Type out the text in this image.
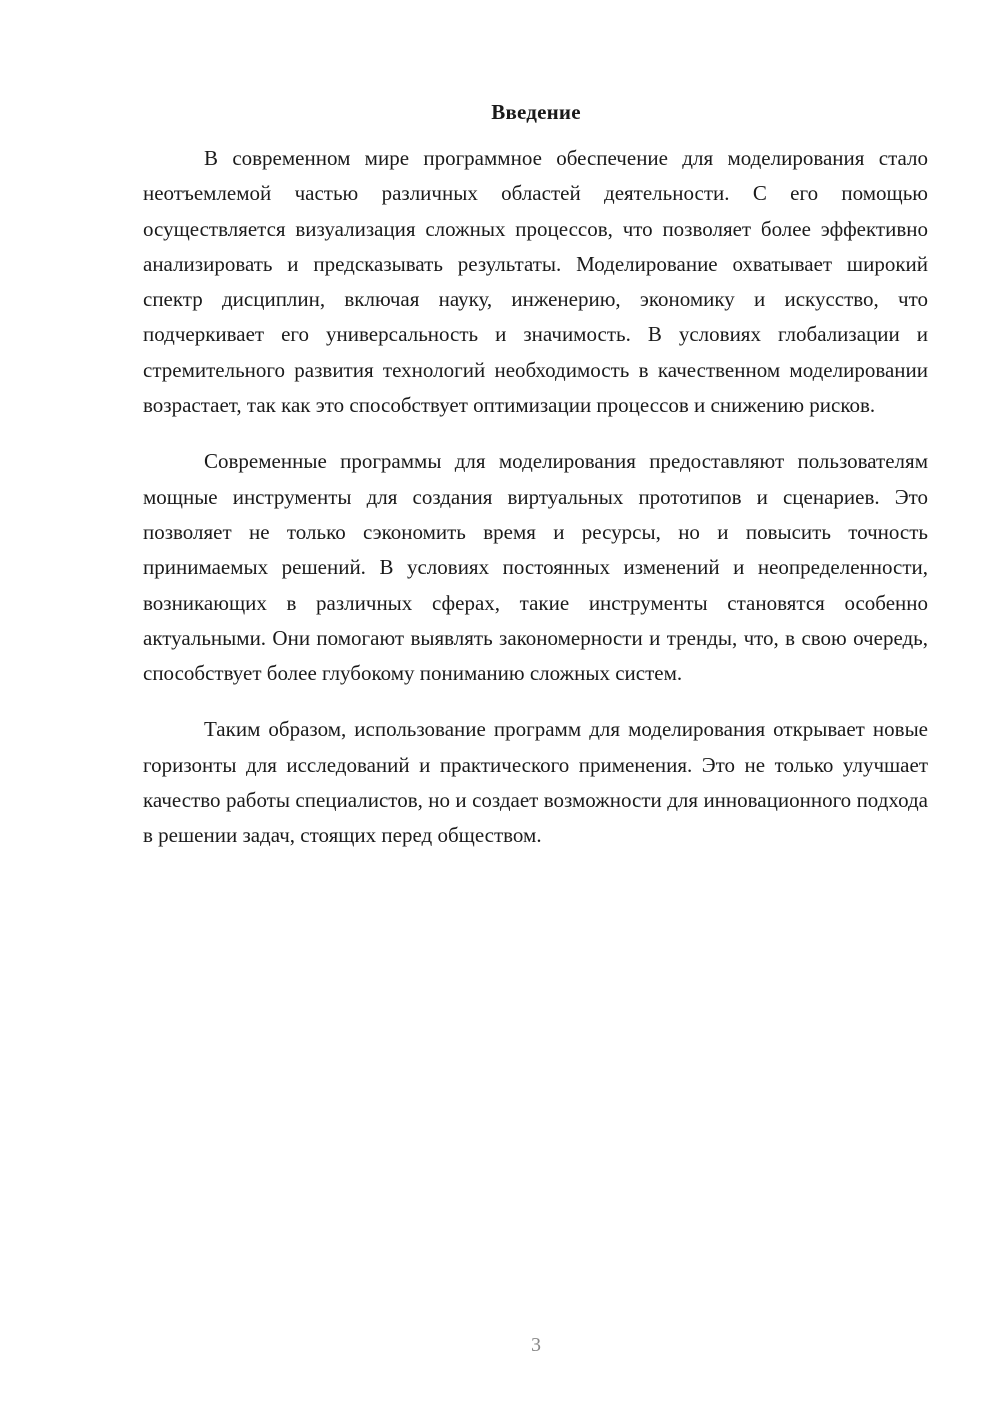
Введение

В современном мире программное обеспечение для моделирования стало неотъемлемой частью различных областей деятельности. С его помощью осуществляется визуализация сложных процессов, что позволяет более эффективно анализировать и предсказывать результаты. Моделирование охватывает широкий спектр дисциплин, включая науку, инженерию, экономику и искусство, что подчеркивает его универсальность и значимость. В условиях глобализации и стремительного развития технологий необходимость в качественном моделировании возрастает, так как это способствует оптимизации процессов и снижению рисков.

Современные программы для моделирования предоставляют пользователям мощные инструменты для создания виртуальных прототипов и сценариев. Это позволяет не только сэкономить время и ресурсы, но и повысить точность принимаемых решений. В условиях постоянных изменений и неопределенности, возникающих в различных сферах, такие инструменты становятся особенно актуальными. Они помогают выявлять закономерности и тренды, что, в свою очередь, способствует более глубокому пониманию сложных систем.

Таким образом, использование программ для моделирования открывает новые горизонты для исследований и практического применения. Это не только улучшает качество работы специалистов, но и создает возможности для инновационного подхода в решении задач, стоящих перед обществом.

3
